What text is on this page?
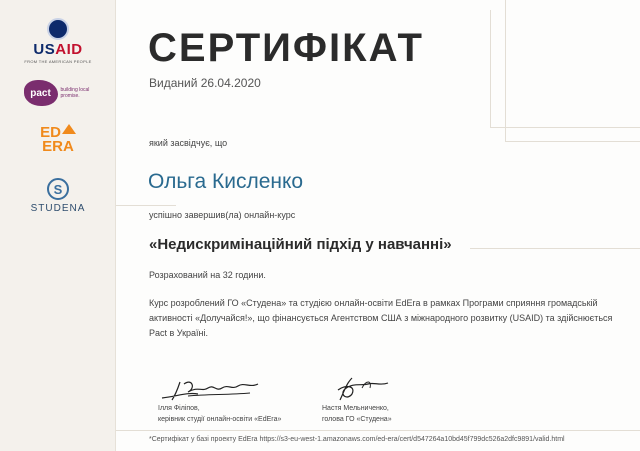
USAID
FROM THE AMERICAN PEOPLE
pact	building local promise.
ED
ERA
S
STUDENA
СЕРТИФІКАТ
Виданий 26.04.2020
який засвідчує, що
Ольга Кисленко
успішно завершив(ла) онлайн-курс
«Недискримінаційний підхід у навчанні»
Розрахований на 32 години.
Курс розроблений ГО «Студена» та студією онлайн-освіти EdEra в рамках Програми сприяння громадській активності «Долучайся!», що фінансується Агентством США з міжнародного розвитку (USAID) та здійснюється Pact в Україні.
Ілля Філіпов,
керівник студії онлайн-освіти «EdEra»
Настя Мельниченко,
голова ГО «Студена»
*Сертифікат у базі проекту EdEra https://s3-eu-west-1.amazonaws.com/ed-era/cert/d547264a10bd45f799dc526a2dfc9891/valid.html
